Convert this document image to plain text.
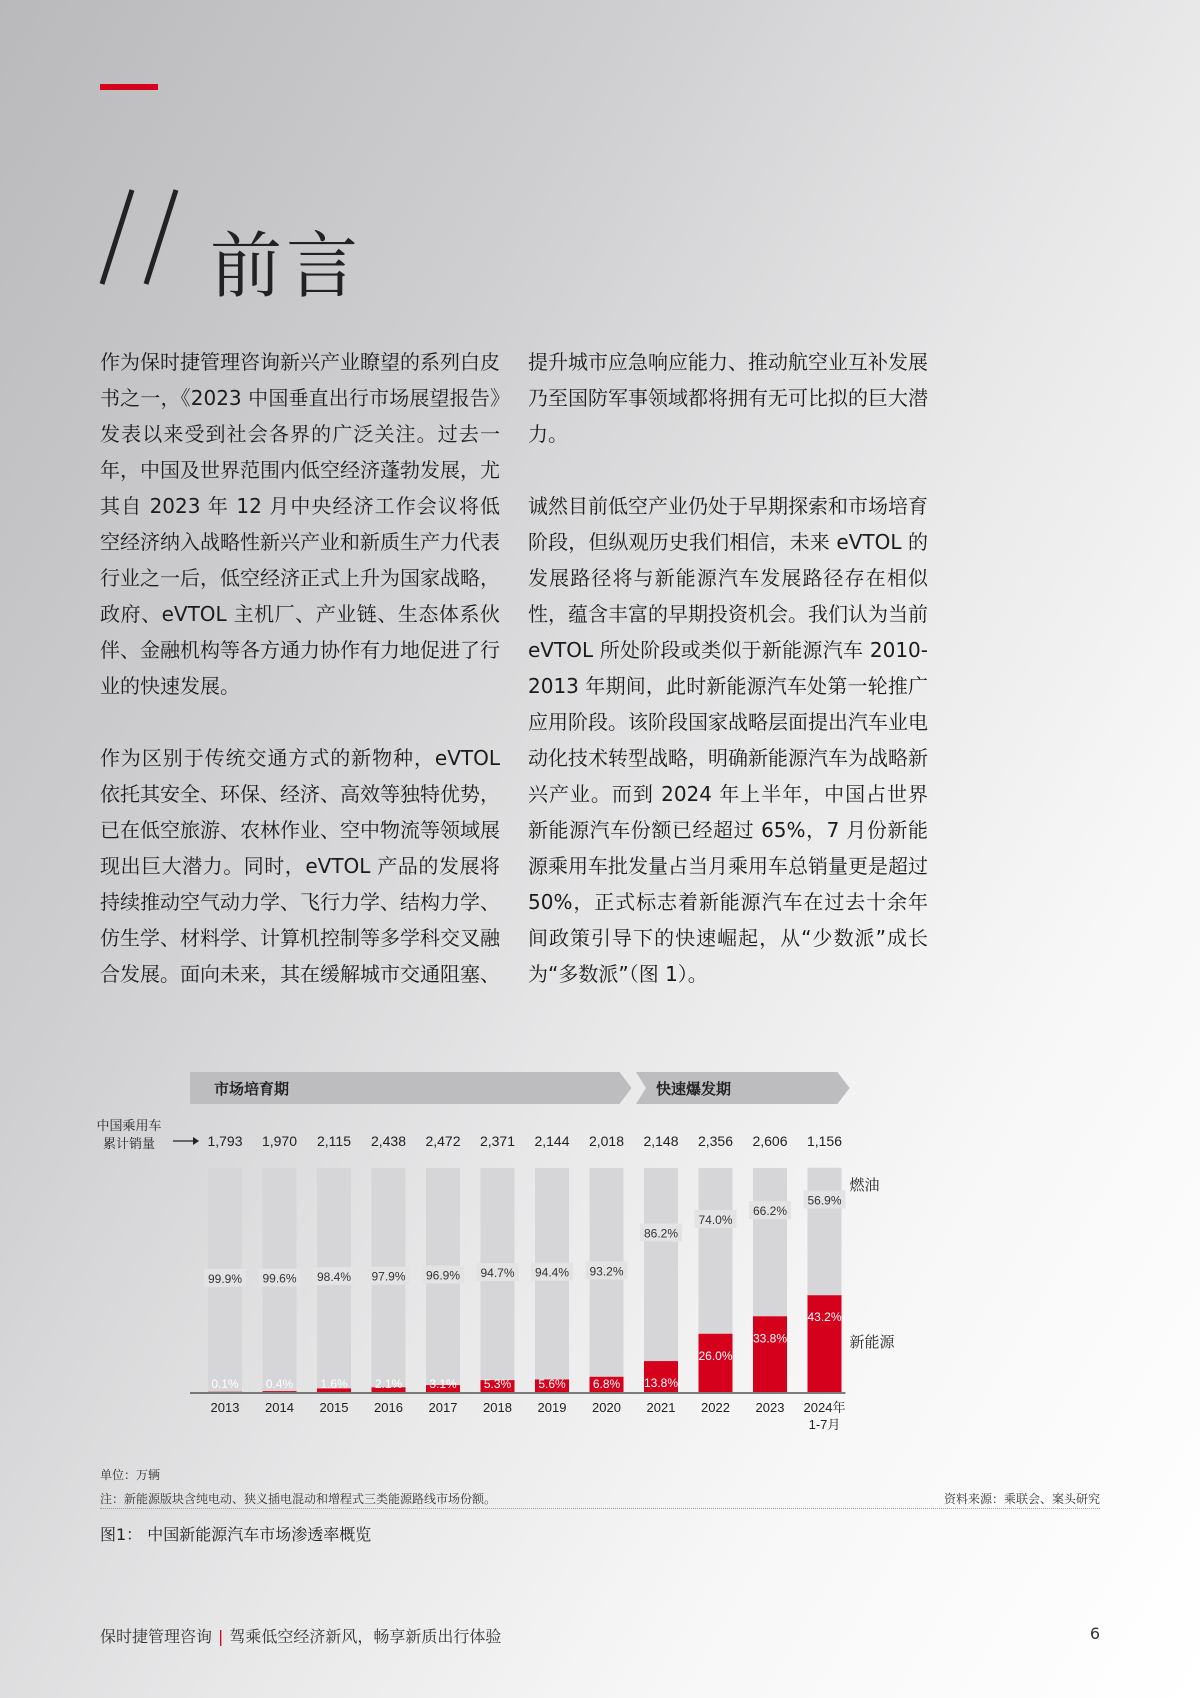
前言

作为保时捷管理咨询新兴产业瞭望的系列白皮书之一，《2023 中国垂直出行市场展望报告》发表以来受到社会各界的广泛关注。过去一年，中国及世界范围内低空经济蓬勃发展，尤其自 2023 年 12 月中央经济工作会议将低空经济纳入战略性新兴产业和新质生产力代表行业之一后，低空经济正式上升为国家战略，政府、eVTOL 主机厂、产业链、生态体系伙伴、金融机构等各方通力协作有力地促进了行业的快速发展。

作为区别于传统交通方式的新物种，eVTOL 依托其安全、环保、经济、高效等独特优势，已在低空旅游、农林作业、空中物流等领域展现出巨大潜力。同时，eVTOL 产品的发展将持续推动空气动力学、飞行力学、结构力学、仿生学、材料学、计算机控制等多学科交叉融合发展。面向未来，其在缓解城市交通阻塞、

提升城市应急响应能力、推动航空业互补发展乃至国防军事领域都将拥有无可比拟的巨大潜力。

诚然目前低空产业仍处于早期探索和市场培育阶段，但纵观历史我们相信，未来 eVTOL 的发展路径将与新能源汽车发展路径存在相似性，蕴含丰富的早期投资机会。我们认为当前 eVTOL 所处阶段或类似于新能源汽车 2010-2013 年期间，此时新能源汽车处第一轮推广应用阶段。该阶段国家战略层面提出汽车业电动化技术转型战略，明确新能源汽车为战略新兴产业。而到 2024 年上半年，中国占世界新能源汽车份额已经超过 65%，7 月份新能源乘用车批发量占当月乘用车总销量更是超过 50%，正式标志着新能源汽车在过去十余年间政策引导下的快速崛起，从“少数派”成长为“多数派”（图 1）。

市场培育期	快速爆发期
中国乘用车
累计销量	1,793
99.9%
0.1%
2013
1,970
99.6%
0.4%
2014
2,115
98.4%
1.6%
2015
2,438
97.9%
2.1%
2016
2,472
96.9%
3.1%
2017
2,371
94.7%
5.3%
2018
2,144
94.4%
5.6%
2019
2,018
93.2%
6.8%
2020
2,148
86.2%
13.8%
2021
2,356
74.0%
26.0%
2022
2,606
66.2%
33.8%
2023
1,156
56.9%
43.2%
2024年
1-7月
燃油
新能源
单位：万辆
注：新能源版块含纯电动、狭义插电混动和增程式三类能源路线市场份额。	资料来源：乘联会、案头研究
图1： 中国新能源汽车市场渗透率概览
保时捷管理咨询 | 驾乘低空经济新风，畅享新质出行体验	6
